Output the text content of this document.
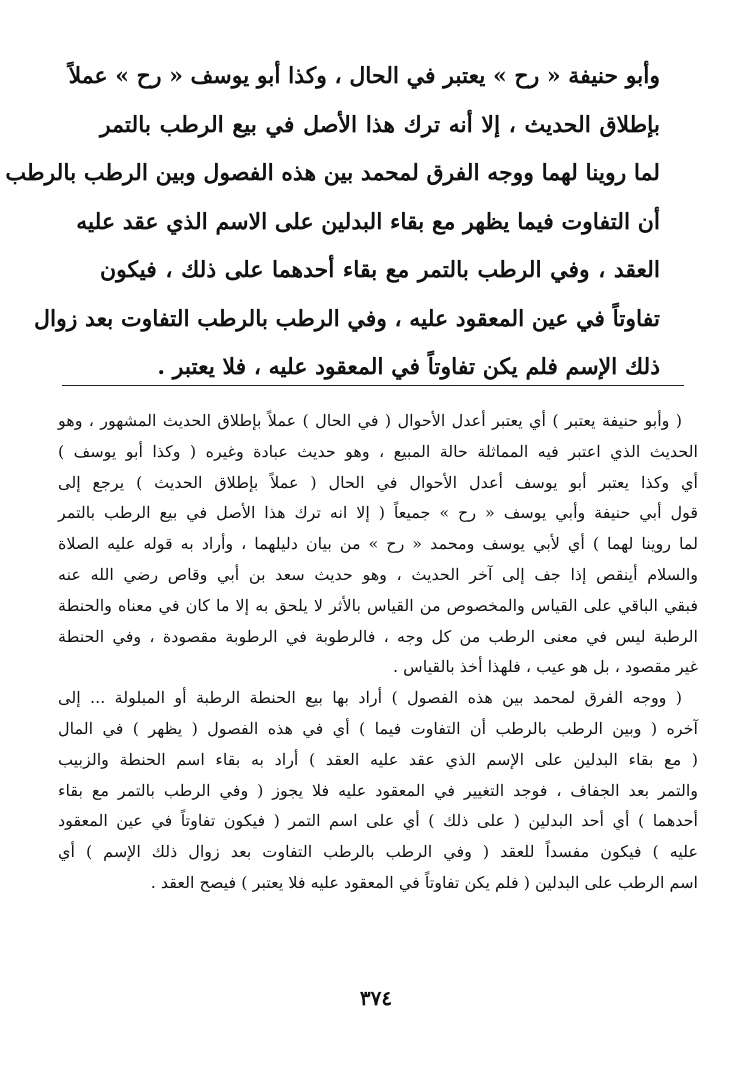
وأبو حنيفة « رح » يعتبر في الحال ، وكذا أبو يوسف « رح » عملاً
بإطلاق الحديث ، إلا أنه ترك هذا الأصل في بيع الرطب بالتمر
لما روينا لهما ووجه الفرق لمحمد بين هذه الفصول وبين الرطب بالرطب
أن التفاوت فيما يظهر مع بقاء البدلين على الاسم الذي عقد عليه
العقد ، وفي الرطب بالتمر مع بقاء أحدهما على ذلك ، فيكون
تفاوتاً في عين المعقود عليه ، وفي الرطب بالرطب التفاوت بعد زوال
ذلك الإسم فلم يكن تفاوتاً في المعقود عليه ، فلا يعتبر .
( وأبو حنيفة يعتبر ) أي يعتبر أعدل الأحوال ( في الحال ) عملاً بإطلاق الحديث المشهور ، وهو
الحديث الذي اعتبر فيه المماثلة حالة المبيع ، وهو حديث عبادة وغيره ( وكذا أبو يوسف )
أي وكذا يعتبر أبو يوسف أعدل الأحوال في الحال ( عملاً بإطلاق الحديث ) يرجع إلى
قول أبي حنيفة وأبي يوسف « رح » جميعاً ( إلا انه ترك هذا الأصل في بيع الرطب بالتمر
لما روينا لهما ) أي لأبي يوسف ومحمد « رح » من بيان دليلهما ، وأراد به قوله عليه الصلاة
والسلام أينقص إذا جف إلى آخر الحديث ، وهو حديث سعد بن أبي وقاص رضي الله عنه
فبقي الباقي على القياس والمخصوص من القياس بالأثر لا يلحق به إلا ما كان في معناه والحنطة
الرطبة ليس في معنى الرطب من كل وجه ، فالرطوبة في الرطوبة مقصودة ، وفي الحنطة
غير مقصود ، بل هو عيب ، فلهذا أخذ بالقياس .
( ووجه الفرق لمحمد بين هذه الفصول ) أراد بها بيع الحنطة الرطبة أو المبلولة ... إلى
آخره ( وبين الرطب بالرطب أن التفاوت فيما ) أي في هذه الفصول ( يظهر ) في المال
( مع بقاء البدلين على الإسم الذي عقد عليه العقد ) أراد به بقاء اسم الحنطة والزبيب
والتمر بعد الجفاف ، فوجد التغيير في المعقود عليه فلا يجوز ( وفي الرطب بالتمر مع بقاء
أحدهما ) أي أحد البدلين ( على ذلك ) أي على اسم التمر ( فيكون تفاوتاً في عين المعقود
عليه ) فيكون مفسداً للعقد ( وفي الرطب بالرطب التفاوت بعد زوال ذلك الإسم ) أي
اسم الرطب على البدلين ( فلم يكن تفاوتاً في المعقود عليه فلا يعتبر ) فيصح العقد .
٣٧٤
